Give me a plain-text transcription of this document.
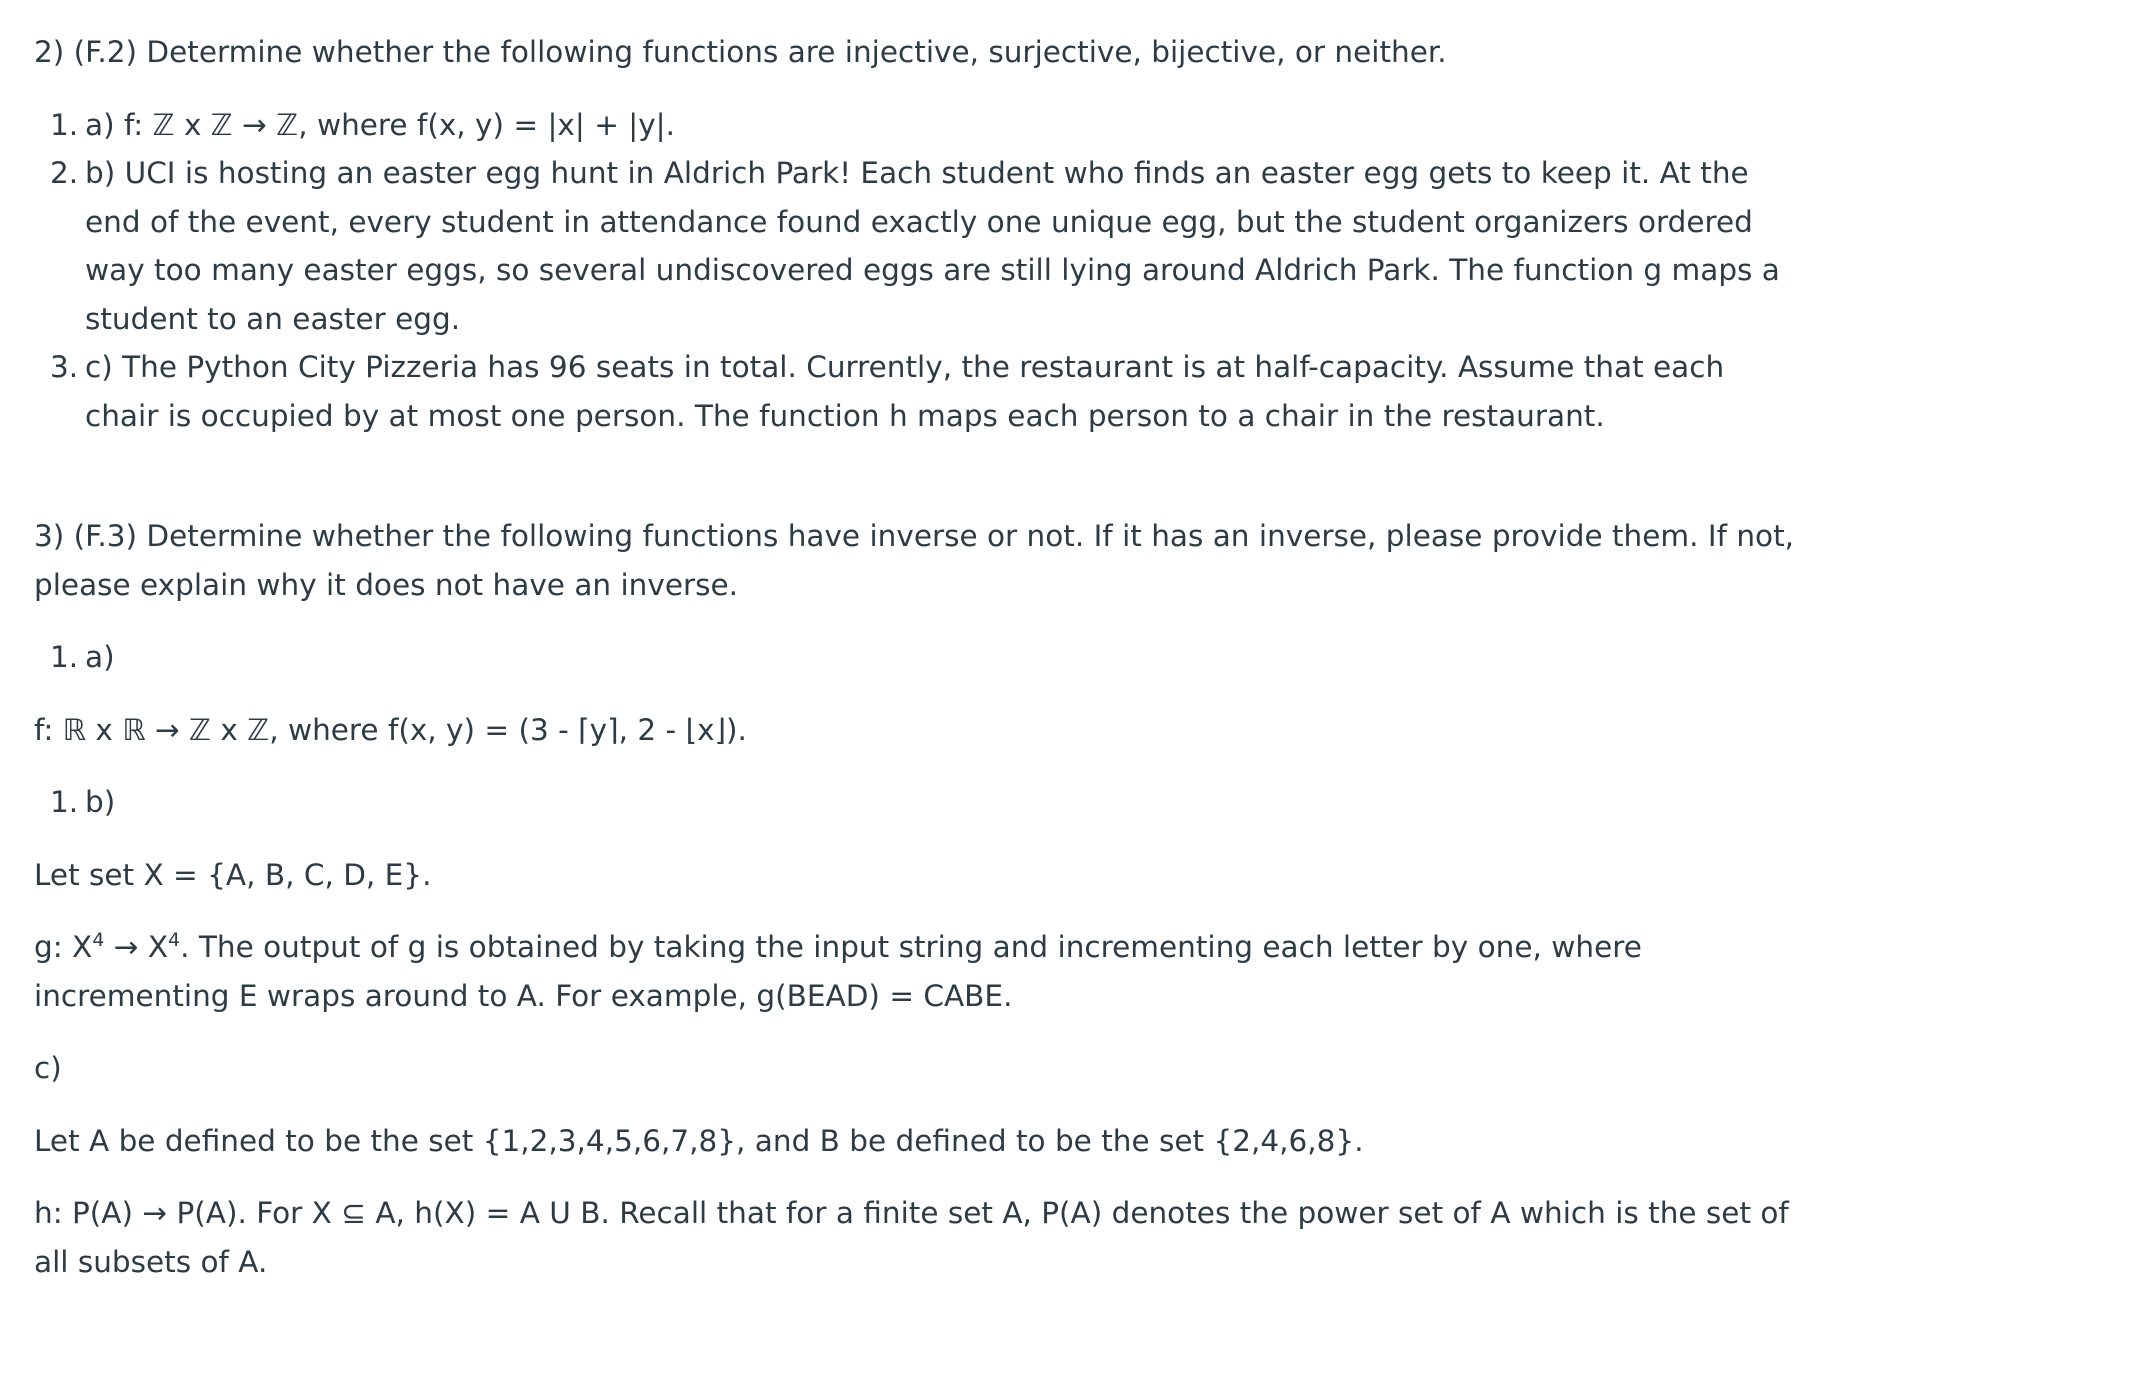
2) (F.2) Determine whether the following functions are injective, surjective, bijective, or neither.

1. a) f: ℤ x ℤ → ℤ, where f(x, y) = |x| + |y|.
2. b) UCI is hosting an easter egg hunt in Aldrich Park! Each student who finds an easter egg gets to keep it. At the
end of the event, every student in attendance found exactly one unique egg, but the student organizers ordered
way too many easter eggs, so several undiscovered eggs are still lying around Aldrich Park. The function g maps a
student to an easter egg.
3. c) The Python City Pizzeria has 96 seats in total. Currently, the restaurant is at half-capacity. Assume that each
chair is occupied by at most one person. The function h maps each person to a chair in the restaurant.

3) (F.3) Determine whether the following functions have inverse or not. If it has an inverse, please provide them. If not,

please explain why it does not have an inverse.

1. a)

f: ℝ x ℝ → ℤ x ℤ, where f(x, y) = (3 - ⌈y⌉, 2 - ⌊x⌋).

1. b)

Let set X = {A, B, C, D, E}.

g: $X^4 \to X^4$. The output of g is obtained by taking the input string and incrementing each letter by one, where

incrementing E wraps around to A. For example, g(BEAD) = CABE.

c)

Let A be defined to be the set {1,2,3,4,5,6,7,8}, and B be defined to be the set {2,4,6,8}.

h: P(A) → P(A). For X ⊆ A, h(X) = A U B. Recall that for a finite set A, P(A) denotes the power set of A which is the set of

all subsets of A.
